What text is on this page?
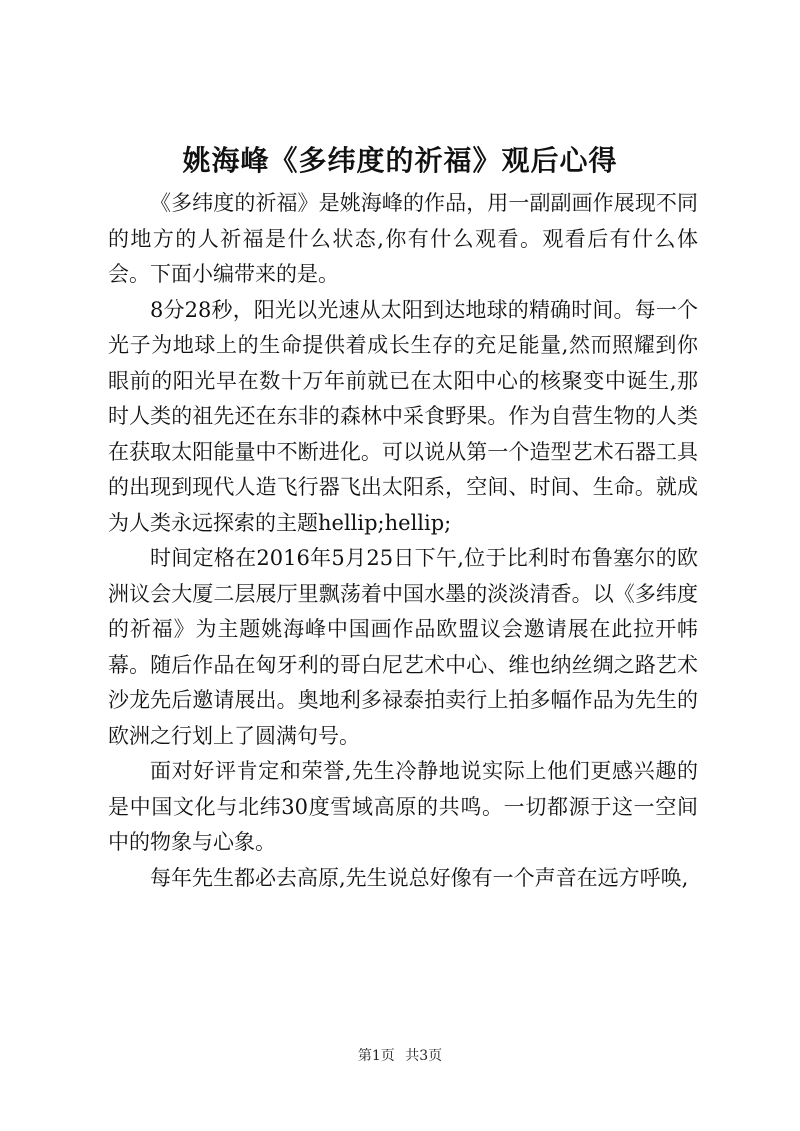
姚海峰《多纬度的祈福》观后心得

《多纬度的祈福》是姚海峰的作品，用一副副画作展现不同的地方的人祈福是什么状态,你有什么观看。观看后有什么体会。下面小编带来的是。

8分28秒，阳光以光速从太阳到达地球的精确时间。每一个光子为地球上的生命提供着成长生存的充足能量,然而照耀到你眼前的阳光早在数十万年前就已在太阳中心的核聚变中诞生,那时人类的祖先还在东非的森林中采食野果。作为自营生物的人类在获取太阳能量中不断进化。可以说从第一个造型艺术石器工具的出现到现代人造飞行器飞出太阳系，空间、时间、生命。就成为人类永远探索的主题hellip;hellip;

时间定格在2016年5月25日下午,位于比利时布鲁塞尔的欧洲议会大厦二层展厅里飘荡着中国水墨的淡淡清香。以《多纬度的祈福》为主题姚海峰中国画作品欧盟议会邀请展在此拉开帏幕。随后作品在匈牙利的哥白尼艺术中心、维也纳丝绸之路艺术沙龙先后邀请展出。奥地利多禄泰拍卖行上拍多幅作品为先生的欧洲之行划上了圆满句号。

面对好评肯定和荣誉,先生冷静地说实际上他们更感兴趣的是中国文化与北纬30度雪域高原的共鸣。一切都源于这一空间中的物象与心象。

每年先生都必去高原,先生说总好像有一个声音在远方呼唤,

第1页 共3页
